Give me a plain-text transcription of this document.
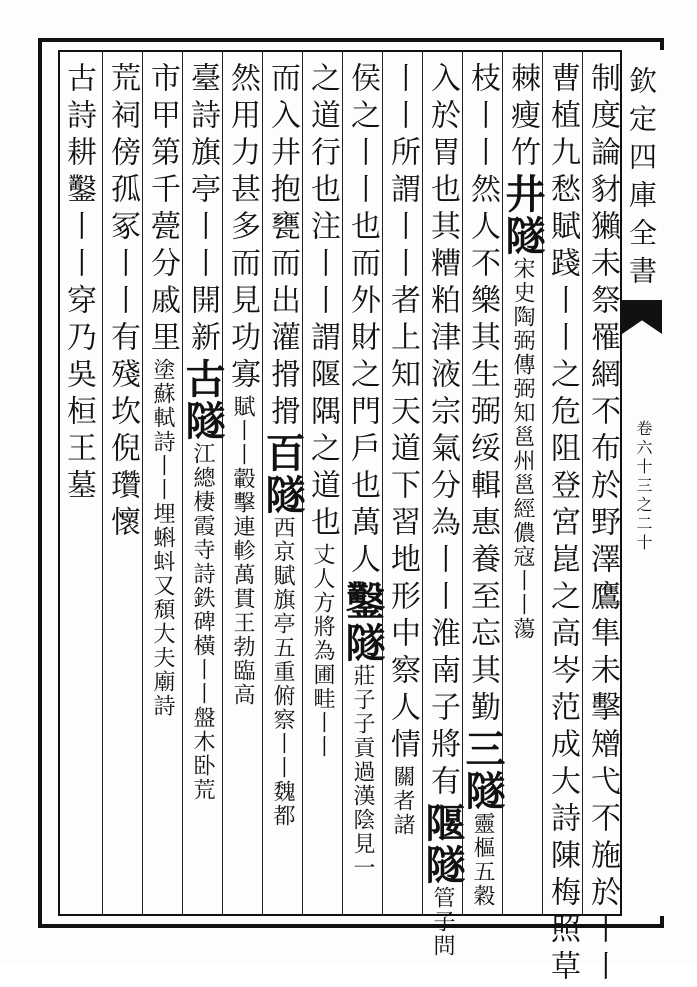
欽定四庫全書
卷六十三之二十
制度論豺獺未祭罹網不布於野澤鷹隼未擊矰弋不施於丨丨
曹植九愁賦踐丨丨之危阻登宮崑之高岑范成大詩陳梅照草
棘瘦竹井隧宋史陶弼傳弼知邕州邕經儂寇丨丨蕩
枝丨丨然人不樂其生弼绥輯惠養至忘其勤三隧靈樞五穀
入於胃也其糟粕津液宗氣分為丨丨淮南子將有隁隧管子問
丨丨所謂丨丨者上知天道下習地形中察人情關者諸
侯之丨丨也而外財之門戶也萬人鑿隧莊子子貢過漢陰見一
之道行也注丨丨謂隁隅之道也丈人方將為圃畦丨丨
而入井抱甕而出灌搰搰百隧西京賦旗亭五重俯察丨丨魏都
然用力甚多而見功寡賦丨丨轂擊連軫萬貫王勃臨高
臺詩旗亭丨丨開新古隧江總棲霞寺詩鉄碑橫丨丨盤木卧荒
市甲第千甍分戚里塗蘇軾詩丨丨埋蝌蚪又頹大夫廟詩
荒祠傍孤冢丨丨有殘坎倪瓚懷
古詩耕鑿丨丨穿乃吳桓王墓
